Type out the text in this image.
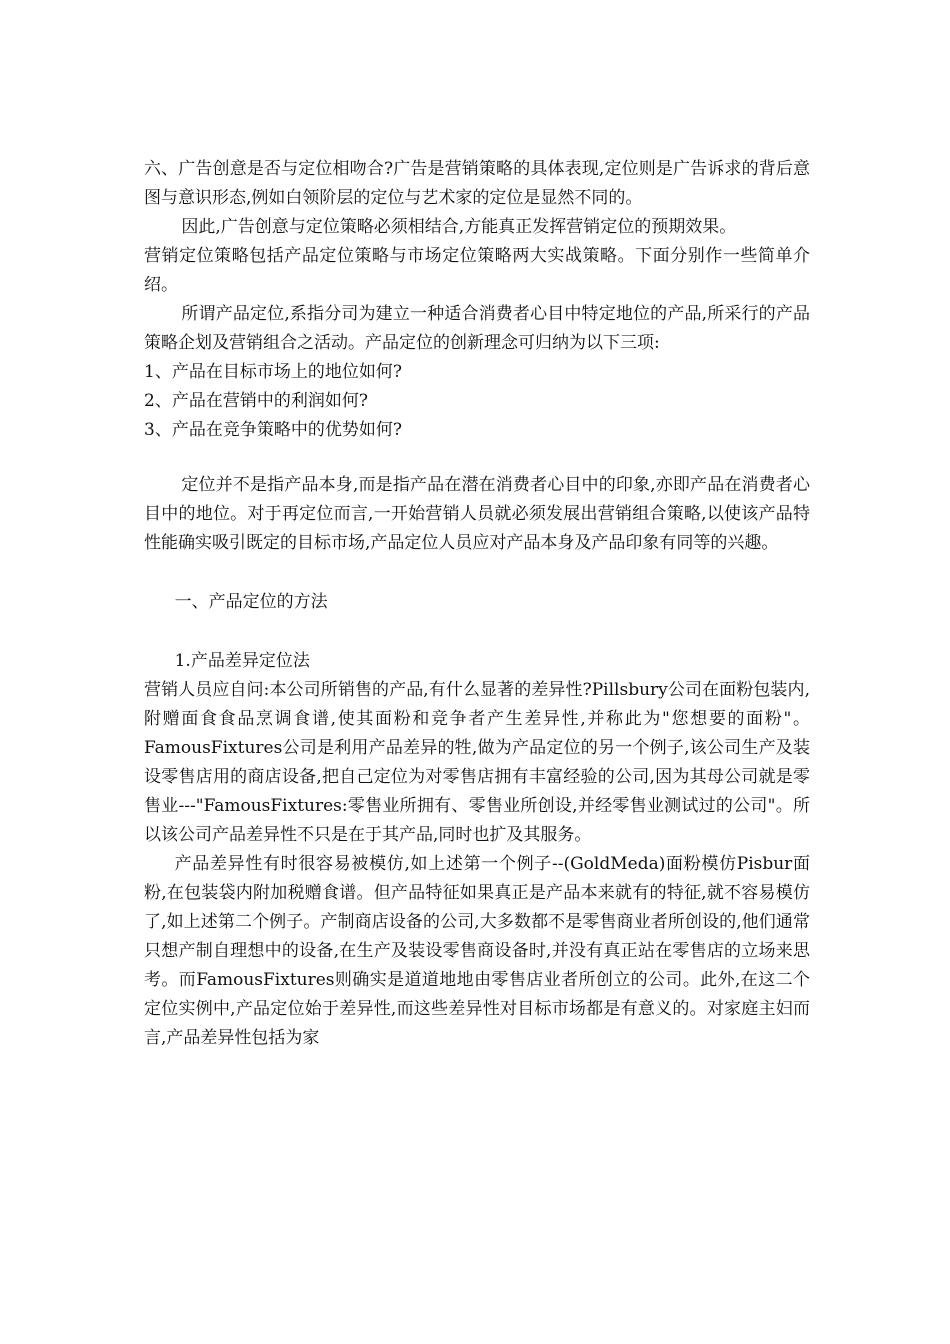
六、广告创意是否与定位相吻合?广告是营销策略的具体表现,定位则是广告诉求的背后意图与意识形态,例如白领阶层的定位与艺术家的定位是显然不同的。

因此,广告创意与定位策略必须相结合,方能真正发挥营销定位的预期效果。

营销定位策略包括产品定位策略与市场定位策略两大实战策略。下面分别作一些简单介绍。

所谓产品定位,系指分司为建立一种适合消费者心目中特定地位的产品,所采行的产品策略企划及营销组合之活动。产品定位的创新理念可归纳为以下三项:

1、产品在目标市场上的地位如何?

2、产品在营销中的利润如何?

3、产品在竞争策略中的优势如何?

定位并不是指产品本身,而是指产品在潜在消费者心目中的印象,亦即产品在消费者心目中的地位。对于再定位而言,一开始营销人员就必须发展出营销组合策略,以使该产品特性能确实吸引既定的目标市场,产品定位人员应对产品本身及产品印象有同等的兴趣。

一、产品定位的方法

1.产品差异定位法

营销人员应自问:本公司所销售的产品,有什么显著的差异性?Pillsbury公司在面粉包装内,附赠面食食品烹调食谱,使其面粉和竞争者产生差异性,并称此为"您想要的面粉"。FamousFixtures公司是利用产品差异的牲,做为产品定位的另一个例子,该公司生产及装设零售店用的商店设备,把自己定位为对零售店拥有丰富经验的公司,因为其母公司就是零售业---"FamousFixtures:零售业所拥有、零售业所创设,并经零售业测试过的公司"。所以该公司产品差异性不只是在于其产品,同时也扩及其服务。

产品差异性有时很容易被模仿,如上述第一个例子--(GoldMeda)面粉模仿Pisbur面粉,在包装袋内附加税赠食谱。但产品特征如果真正是产品本来就有的特征,就不容易模仿了,如上述第二个例子。产制商店设备的公司,大多数都不是零售商业者所创设的,他们通常只想产制自理想中的设备,在生产及装设零售商设备时,并没有真正站在零售店的立场来思考。而FamousFixtures则确实是道道地地由零售店业者所创立的公司。此外,在这二个定位实例中,产品定位始于差异性,而这些差异性对目标市场都是有意义的。对家庭主妇而言,产品差异性包括为家
